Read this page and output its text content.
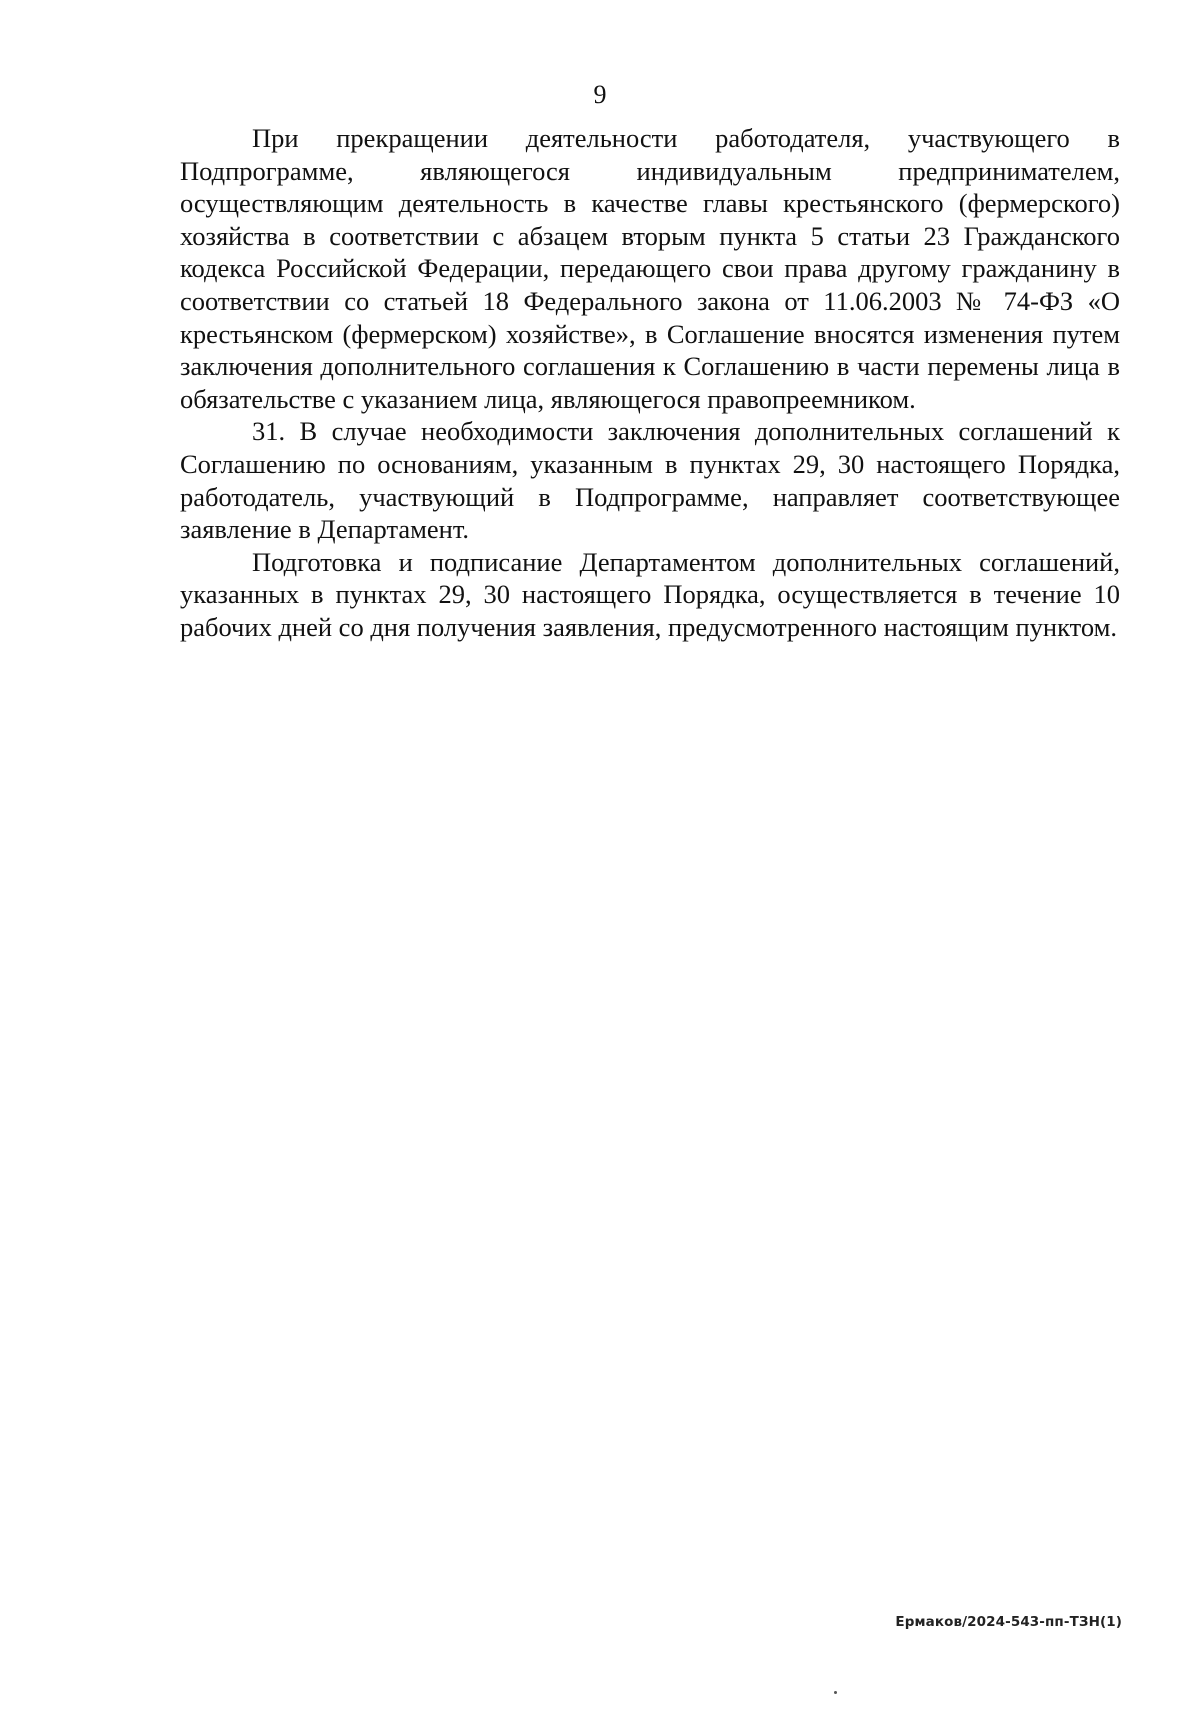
9

При прекращении деятельности работодателя, участвующего в Подпрограмме, являющегося индивидуальным предпринимателем, осуществляющим деятельность в качестве главы крестьянского (фермерского) хозяйства в соответствии с абзацем вторым пункта 5 статьи 23 Гражданского кодекса Российской Федерации, передающего свои права другому гражданину в соответствии со статьей 18 Федерального закона от 11.06.2003 № 74-ФЗ «О крестьянском (фермерском) хозяйстве», в Соглашение вносятся изменения путем заключения дополнительного соглашения к Соглашению в части перемены лица в обязательстве с указанием лица, являющегося правопреемником.

31. В случае необходимости заключения дополнительных соглашений к Соглашению по основаниям, указанным в пунктах 29, 30 настоящего Порядка, работодатель, участвующий в Подпрограмме, направляет соответствующее заявление в Департамент.

Подготовка и подписание Департаментом дополнительных соглашений, указанных в пунктах 29, 30 настоящего Порядка, осуществляется в течение 10 рабочих дней со дня получения заявления, предусмотренного настоящим пунктом.

Ермаков/2024-543-пп-ТЗН(1)
